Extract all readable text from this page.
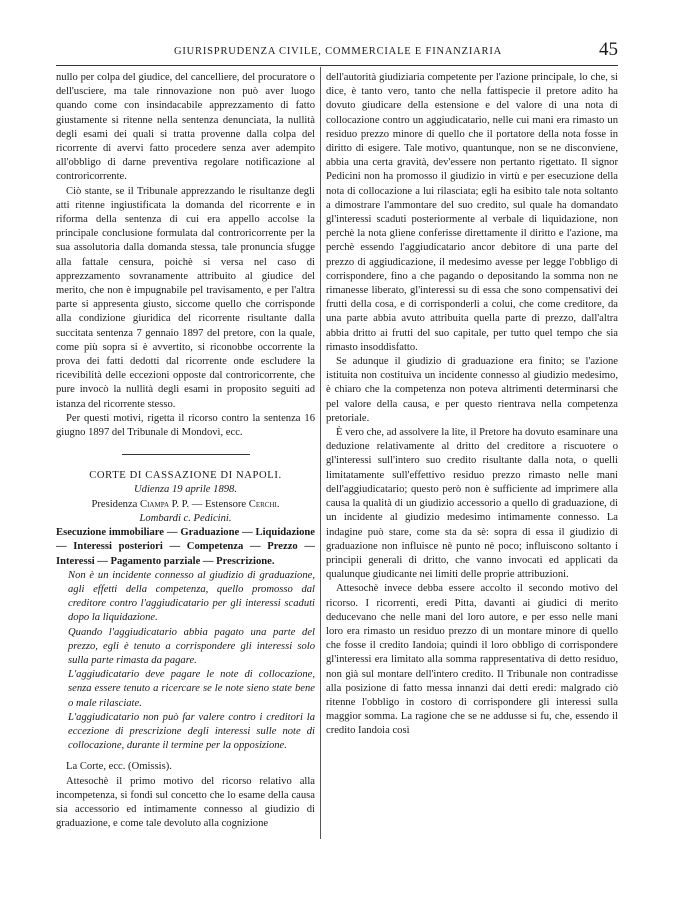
GIURISPRUDENZA CIVILE, COMMERCIALE E FINANZIARIA	45

nullo per colpa del giudice, del cancelliere, del procuratore o dell'usciere, ma tale rinnovazione non può aver luogo quando come con insindacabile apprezzamento di fatto giustamente si ritenne nella sentenza denunciata, la nullità degli esami dei quali si tratta provenne dalla colpa del ricorrente di avervi fatto procedere senza aver adempito all'obbligo di darne preventiva regolare notificazione al controricorrente.

Ciò stante, se il Tribunale apprezzando le risultanze degli atti ritenne ingiustificata la domanda del ricorrente e in riforma della sentenza di cui era appello accolse la principale conclusione formulata dal controricorrente per la sua assolutoria dalla domanda stessa, tale pronuncia sfugge alla fattale censura, poichè si versa nel caso di apprezzamento sovranamente attribuito al giudice del merito, che non è impugnabile pel travisamento, e per l'altra parte si appresenta giusto, siccome quello che corrisponde alla condizione giuridica del ricorrente risultante dalla succitata sentenza 7 gennaio 1897 del pretore, con la quale, come più sopra si è avvertito, si riconobbe occorrente la prova dei fatti dedotti dal ricorrente onde escludere la ricevibilità delle eccezioni opposte dal controricorrente, che pure invocò la nullità degli esami in proposito seguiti ad istanza del ricorrente stesso.

Per questi motivi, rigetta il ricorso contro la sentenza 16 giugno 1897 del Tribunale di Mondovì, ecc.

CORTE DI CASSAZIONE DI NAPOLI.

Udienza 19 aprile 1898.

Presidenza Ciampa P. P. — Estensore Cerchi.

Lombardi c. Pedicini.

Esecuzione immobiliare — Graduazione — Liquidazione — Interessi posteriori — Competenza — Prezzo — Interessi — Pagamento parziale — Prescrizione.

Non è un incidente connesso al giudizio di graduazione, agli effetti della competenza, quello promosso dal creditore contro l'aggiudicatario per gli interessi scaduti dopo la liquidazione.

Quando l'aggiudicatario abbia pagato una parte del prezzo, egli è tenuto a corrispondere gli interessi solo sulla parte rimasta da pagare.

L'aggiudicatario deve pagare le note di collocazione, senza essere tenuto a ricercare se le note sieno state bene o male rilasciate.

L'aggiudicatario non può far valere contro i creditori la eccezione di prescrizione degli interessi sulle note di collocazione, durante il termine per la opposizione.

La Corte, ecc. (Omissis).

Attesochè il primo motivo del ricorso relativo alla incompetenza, si fondi sul concetto che lo esame della causa sia accessorio ed intimamente connesso al giudizio di graduazione, e come tale devoluto alla cognizione

dell'autorità giudiziaria competente per l'azione principale, lo che, si dice, è tanto vero, tanto che nella fattispecie il pretore adito ha dovuto giudicare della estensione e del valore di una nota di collocazione contro un aggiudicatario, nelle cui mani era rimasto un residuo prezzo minore di quello che il portatore della nota fosse in diritto di esigere. Tale motivo, quantunque, non se ne disconviene, abbia una certa gravità, dev'essere non pertanto rigettato. Il signor Pedicini non ha promosso il giudizio in virtù e per esecuzione della nota di collocazione a lui rilasciata; egli ha esibito tale nota soltanto a dimostrare l'ammontare del suo credito, sul quale ha domandato gl'interessi scaduti posteriormente al verbale di liquidazione, non perchè la nota gliene conferisse direttamente il diritto e l'azione, ma perchè essendo l'aggiudicatario ancor debitore di una parte del prezzo di aggiudicazione, il medesimo avesse per legge l'obbligo di corrispondere, fino a che pagando o depositando la somma non ne rimanesse liberato, gl'interessi su di essa che sono compensativi dei frutti della cosa, e di corrisponderli a colui, che come creditore, da una parte abbia avuto attribuita quella parte di prezzo, dall'altra abbia dritto ai frutti del suo capitale, per tutto quel tempo che sia rimasto insoddisfatto.

Se adunque il giudizio di graduazione era finito; se l'azione istituita non costituiva un incidente connesso al giudizio medesimo, è chiaro che la competenza non poteva altrimenti determinarsi che pel valore della causa, e per questo rientrava nella competenza pretoriale.

È vero che, ad assolvere la lite, il Pretore ha dovuto esaminare una deduzione relativamente al dritto del creditore a riscuotere o gl'interessi sull'intero suo credito risultante dalla nota, o quelli limitatamente sull'effettivo residuo prezzo rimasto nelle mani dell'aggiudicatario; questo però non è sufficiente ad imprimere alla causa la qualità di un giudizio accessorio a quello di graduazione, di un incidente al giudizio medesimo intimamente connesso. La indagine può stare, come sta da sè: sopra di essa il giudizio di graduazione non influisce nè punto nè poco; influiscono soltanto i principii generali di dritto, che vanno invocati ed applicati da qualunque giudicante nei limiti delle proprie attribuzioni.

Attesochè invece debba essere accolto il secondo motivo del ricorso. I ricorrenti, eredi Pitta, davanti ai giudici di merito deducevano che nelle mani del loro autore, e per esso nelle mani loro era rimasto un residuo prezzo di un montare minore di quello che fosse il credito Iandoia; quindi il loro obbligo di corrispondere gl'interessi era limitato alla somma rappresentativa di detto residuo, non già sul montare dell'intero credito. Il Tribunale non contradisse alla posizione di fatto messa innanzi dai detti eredi: malgrado ciò ritenne l'obbligo in costoro di corrispondere gli interessi sulla maggior somma. La ragione che se ne addusse si fu, che, essendo il credito Iandoia così
